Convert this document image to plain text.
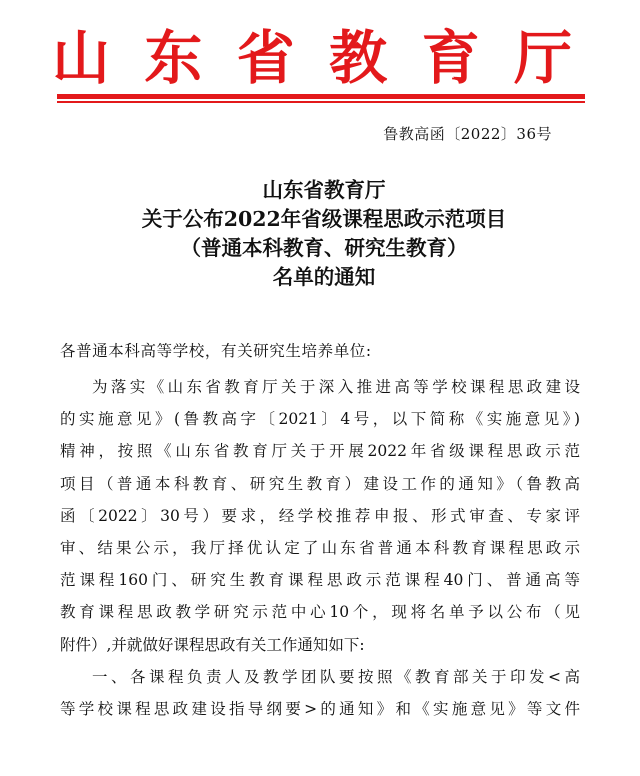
山 东 省 教 育 厅
鲁教高函〔2022〕36号
山东省教育厅
关于公布2022年省级课程思政示范项目
（普通本科教育、研究生教育）
名单的通知
各普通本科高等学校，有关研究生培养单位:
为落实《山东省教育厅关于深入推进高等学校课程思政建设
的实施意见》(鲁教高字〔2021〕4号，以下简称《实施意见》)
精神，按照《山东省教育厅关于开展2022年省级课程思政示范
项目（普通本科教育、研究生教育）建设工作的通知》（鲁教高
函〔2022〕30号）要求，经学校推荐申报、形式审查、专家评
审、结果公示，我厅择优认定了山东省普通本科教育课程思政示
范课程160门、研究生教育课程思政示范课程40门、普通高等
教育课程思政教学研究示范中心10个，现将名单予以公布（见
附件）,并就做好课程思政有关工作通知如下:
一、各课程负责人及教学团队要按照《教育部关于印发<高
等学校课程思政建设指导纲要>的通知》和《实施意见》等文件
